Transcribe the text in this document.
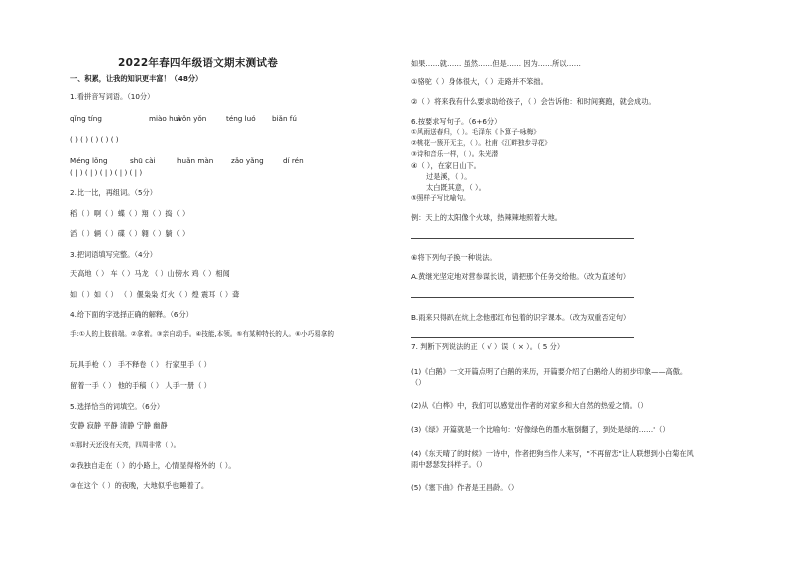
2022年春四年级语文期末测试卷
一、积累，让我的知识更丰富！（48分）
1.看拼音写词语。（10分）
qǐng tíng	miào huì
wǒn yǒn	téng luó biǎn fú
( ) ( ) ( ) ( ) ( )
Méng lǒng	shū cài	huǎn màn zǎo yǎng	dí rén
( | ) ( | ) ( | ) ( | ) ( | )
2.比一比，再组词。（5分）
稻（ ）啊（ ）蝶（ ）翔（ ）捣（ ）
滔（ ）辆（ ）碟（ ）翱（ ）躺（ ）
3.把词语填写完整。（4分）
天高地（ ） 车（ ）马龙 （ ）山傍水 鸡（ ）相闻
如（ ）如（ ） （ ）偃枭枭 灯火（ ）煌 震耳（ ）聋
4.给下面的字选择正确的解释。（6分）
手:①人的上肢前端。②拿着。③亲自动手。④技能,本领。⑤有某种特长的人。⑥小巧易拿的
玩具手枪（ ） 手不释卷（ ） 行家里手（ ）
留着一手（ ） 他的手稿（ ） 人手一册（ ）
5.选择恰当的词填空。（6分）
安静 寂静 平静 清静 宁静 幽静
①那时天还没有天亮，四周非常（ ）。
②我独自走在（ ）的小路上，心情显得格外的（ ）。
③在这个（ ）的夜晚，大地似乎也睡着了。
如果……就…… 虽然……但是…… 因为……所以……
①骆驼（ ）身体很大，（ ）走路并不笨拙。
②（ ）将来我有什么要求助给孩子，（ ）会告诉他：和时间赛跑，就会成功。
6.按要求写句子。（6+6分）
①风雨送春归，（ ）。毛泽东《卜算子·咏梅》
②桃花一簇开无主，（ ）。杜甫《江畔独步寻花》
③诗和音乐一样，（ ）。朱光潜
④（ ），在家日山下。
过是溪，（ ）。
太白既其意，（ ）。
⑤照样子写比喻句。
例：天上的太阳像个火球，热辣辣地照着大地。
⑥将下列句子换一种说法。
A.黄继光坚定地对营参谋长说，请把那个任务交给他。（改为直述句）
B.雨来只得趴在炕上念他那红布包着的识字课本。（改为双重否定句）
7. 判断下列说法的正（ √ ）误（ × ）。（ 5 分）
(1)《白鹅》一文开篇点明了白鹅的来历，开篇要介绍了白鹅给人的初步印象——高傲。
（）
(2)从《白桦》中，我们可以感觉出作者的对家乡和大自然的热爱之情。（）
(3)《绿》开篇就是一个比喻句：'好像绿色的墨水瓶倒翻了，到处是绿的……'（）
(4)《东天晴了的时候》一诗中，作者把狗当作人来写，"不再留恋"让人联想到小白菊在风
雨中瑟瑟发抖样子。（）
(5)《塞下曲》作者是王昌龄。（）
